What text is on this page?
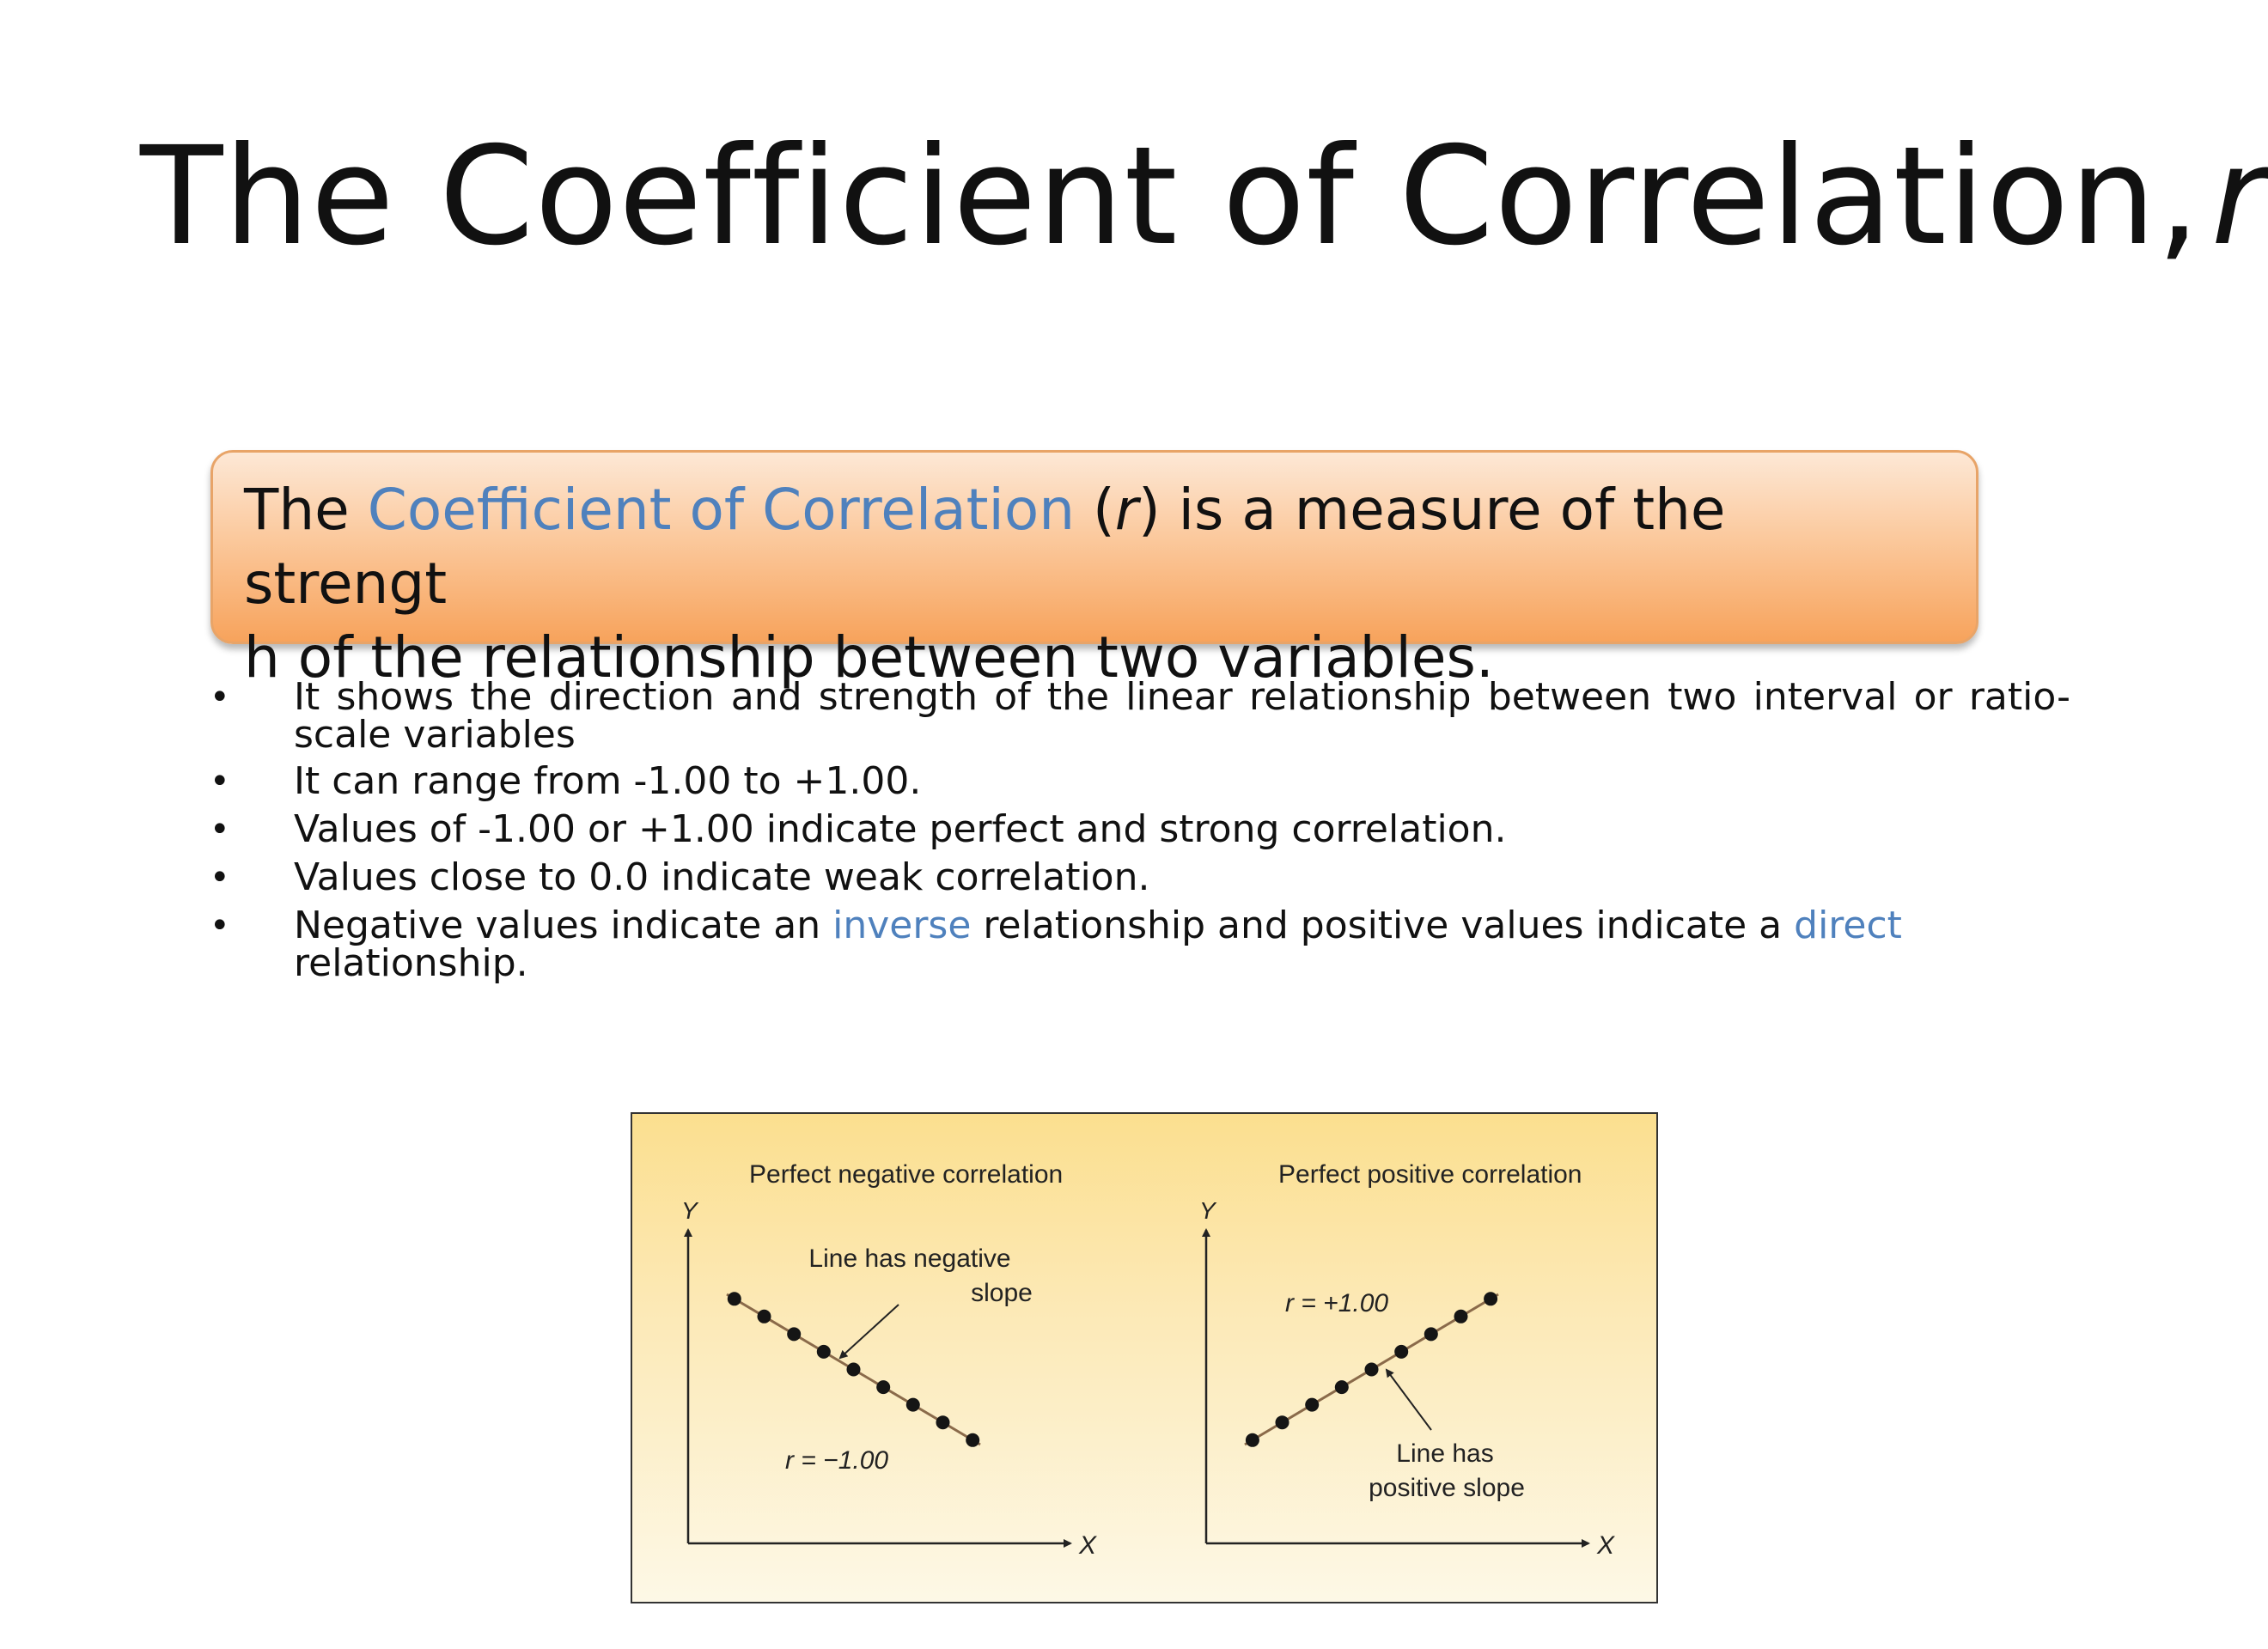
The Coefficient of Correlation,r
The Coefficient of Correlation (r) is a measure of the strengt
h of the relationship between two variables.
• It shows the direction and strength of the linear relationship between two interval or ratio-scale variables
• It can range from -1.00 to +1.00.
• Values of -1.00 or +1.00 indicate perfect and strong correlation.
• Values close to 0.0 indicate weak correlation.
• Negative values indicate an inverse relationship and positive values indicate a direct relationship.
Perfect negative correlation
Y
X
Line has negative
slope
r = −1.00
Perfect positive correlation
Y
X
r = +1.00
Line has
positive slope
